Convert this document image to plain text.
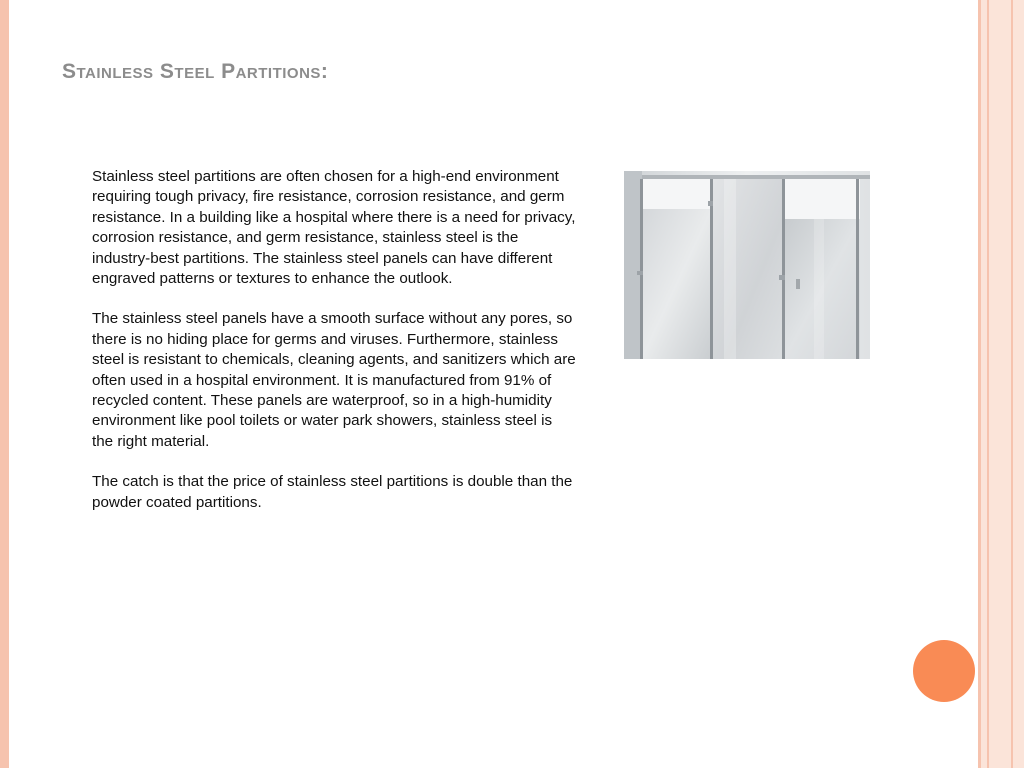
Stainless Steel Partitions:

Stainless steel partitions are often chosen for a high-end environment requiring tough privacy, fire resistance, corrosion resistance, and germ resistance. In a building like a hospital where there is a need for privacy, corrosion resistance, and germ resistance, stainless steel is the industry-best partitions. The stainless steel panels can have different engraved patterns or textures to enhance the outlook.

The stainless steel panels have a smooth surface without any pores, so there is no hiding place for germs and viruses. Furthermore, stainless steel is resistant to chemicals, cleaning agents, and sanitizers which are often used in a hospital environment. It is manufactured from 91% of recycled content. These panels are waterproof, so in a high-humidity environment like pool toilets or water park showers, stainless steel is the right material.

The catch is that the price of stainless steel partitions is double than the powder coated partitions.
